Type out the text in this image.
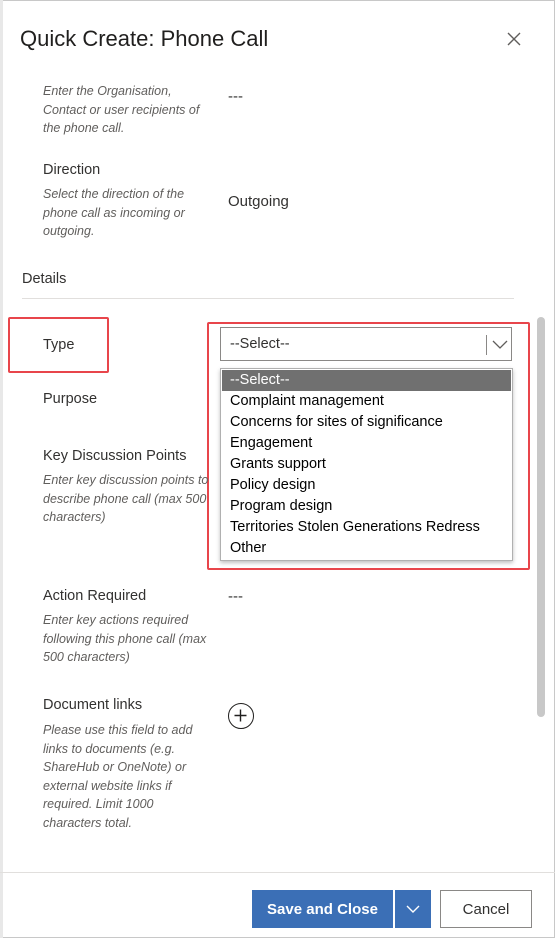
Quick Create: Phone Call
Enter the Organisation, Contact or user recipients of the phone call.
---
Direction
Select the direction of the phone call as incoming or outgoing.
Outgoing
Details
Type	--Select--
--Select--
Complaint management
Concerns for sites of significance
Engagement
Grants support
Policy design
Program design
Territories Stolen Generations Redress
Other
Purpose
Key Discussion Points
Enter key discussion points to describe phone call (max 500 characters)
Action Required
Enter key actions required following this phone call (max 500 characters)
---
Document links
Please use this field to add links to documents (e.g. ShareHub or OneNote) or external website links if required. Limit 1000 characters total.
Save and Close	Cancel
